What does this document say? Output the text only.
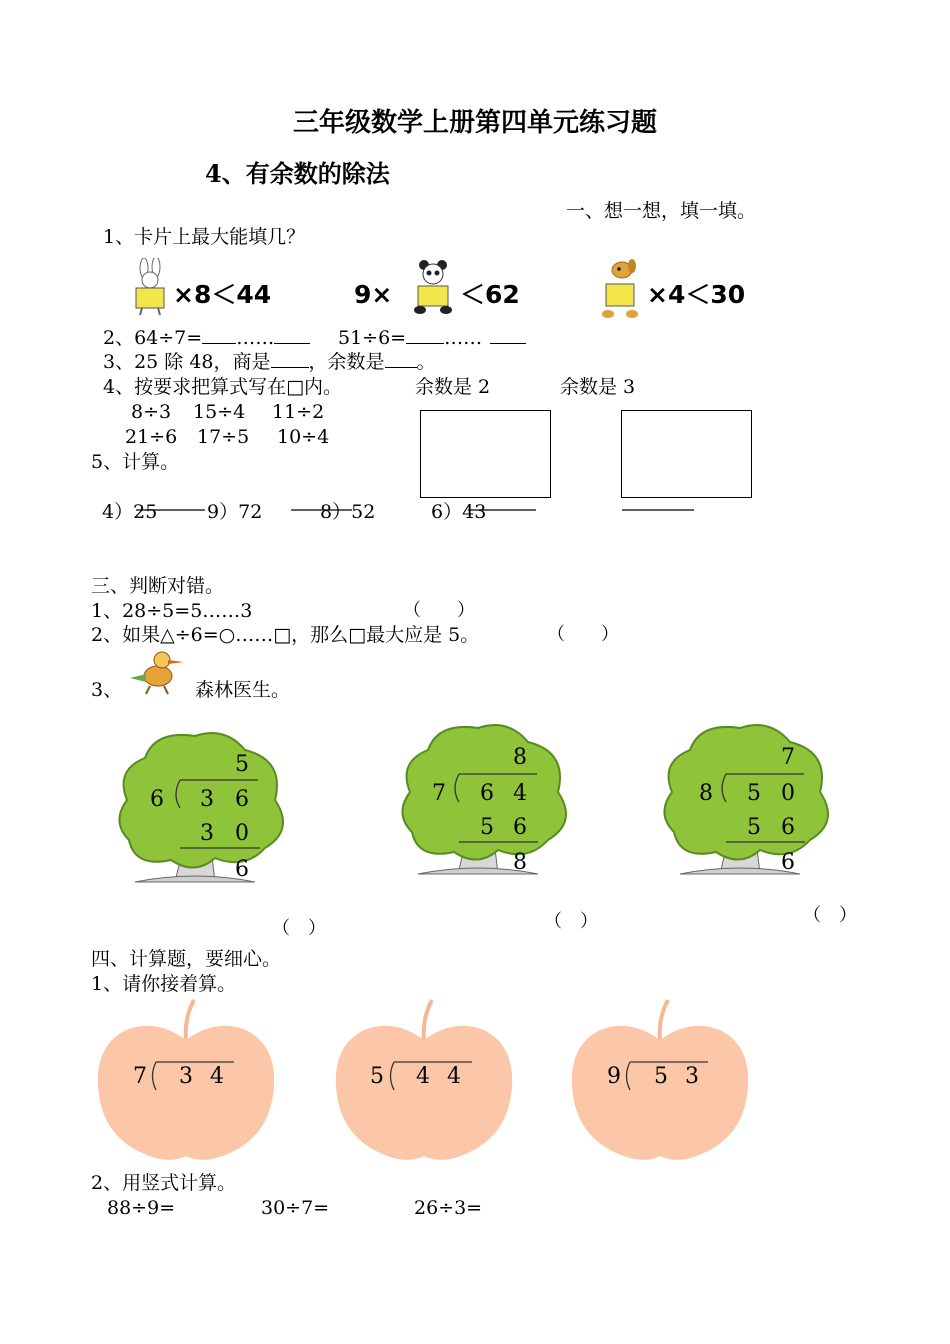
三年级数学上册第四单元练习题
4、有余数的除法
一、想一想，填一填。
1、卡片上最大能填几？
×8＜44	9×	＜62	×4＜30
2、64÷7= ……	51÷6= ……
3、25 除 48，商是 ，余数是 。
4、按要求把算式写在□内。	余数是 2	余数是 3
8÷3 15÷4 11÷2
21÷6 17÷5 10÷4
5、计算。
4）25	9）72	8）52	6）43
三、判断对错。
1、28÷5=5……3	（　　）
2、如果△÷6=○……□，那么□最大应是 5。	（　　）
3、	森林医生。
5
6 3 6
3 0
6
（　）
8
7 6 4
5 6
8
（　）
7
8 5 0
5 6
6
（　）
四、计算题，要细心。
1、请你接着算。
7 3 4	5 4 4	9 5 3
2、用竖式计算。
88÷9=	30÷7=	26÷3=
